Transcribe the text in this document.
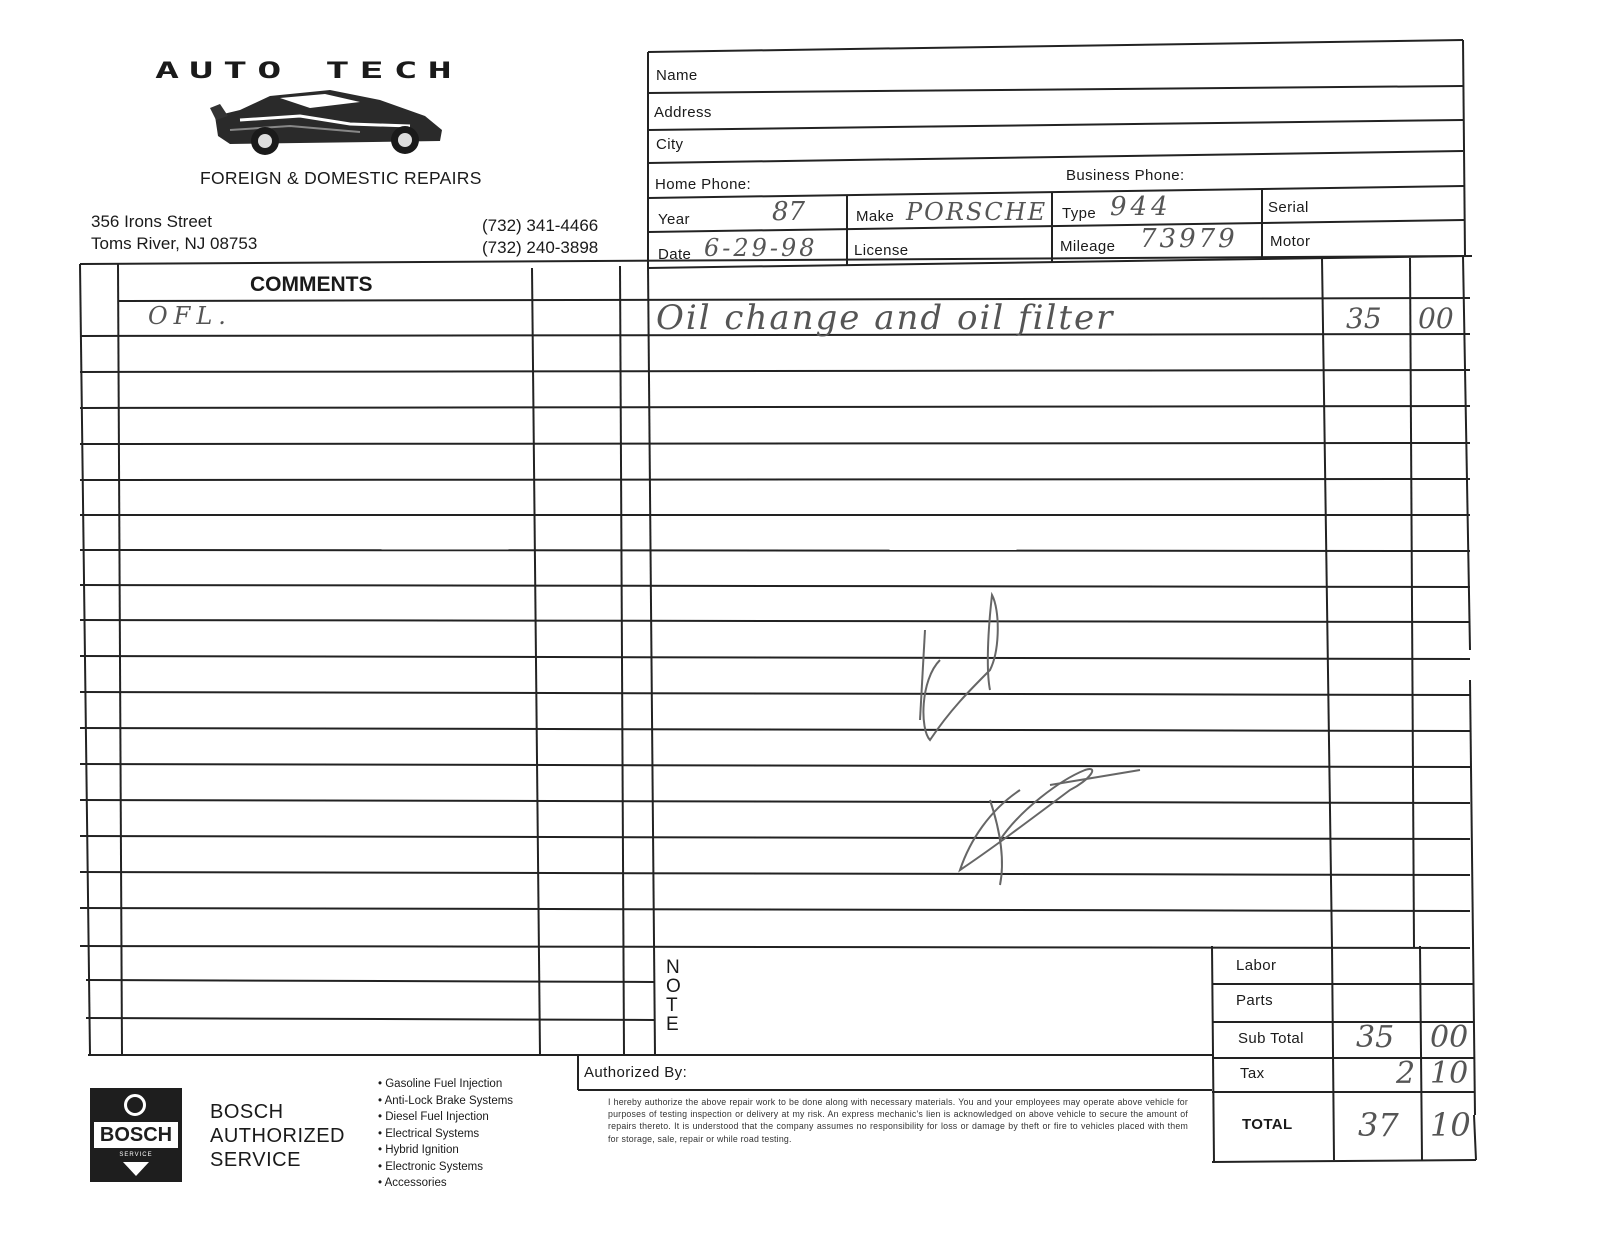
AUTO TECH
FOREIGN & DOMESTIC REPAIRS
356 Irons Street
Toms River, NJ 08753
(732) 341-4466
(732) 240-3898
Name
Address
City
Home Phone:
Business Phone:
Year	87	Make PORSCHE Type 944	Serial
Date 6-29-98 License	Mileage 73979 Motor
COMMENTS
OFL.	Oil change and oil filter	35 00
N O T E
Labor
Parts
Sub Total 35 00
Tax	2 10
TOTAL 37 10
Authorized By:
I hereby authorize the above repair work to be done along with necessary materials. You and your employees may operate above vehicle for purposes of testing inspection or delivery at my risk. An express mechanic's lien is acknowledged on above vehicle to secure the amount of repairs thereto. It is understood that the company assumes no responsibility for loss or damage by theft or fire to vehicles placed with them for storage, sale, repair or while road testing.
BOSCH
SERVICE
BOSCH
AUTHORIZED
SERVICE
• Gasoline Fuel Injection
• Anti-Lock Brake Systems
• Diesel Fuel Injection
• Electrical Systems
• Hybrid Ignition
• Electronic Systems
• Accessories
